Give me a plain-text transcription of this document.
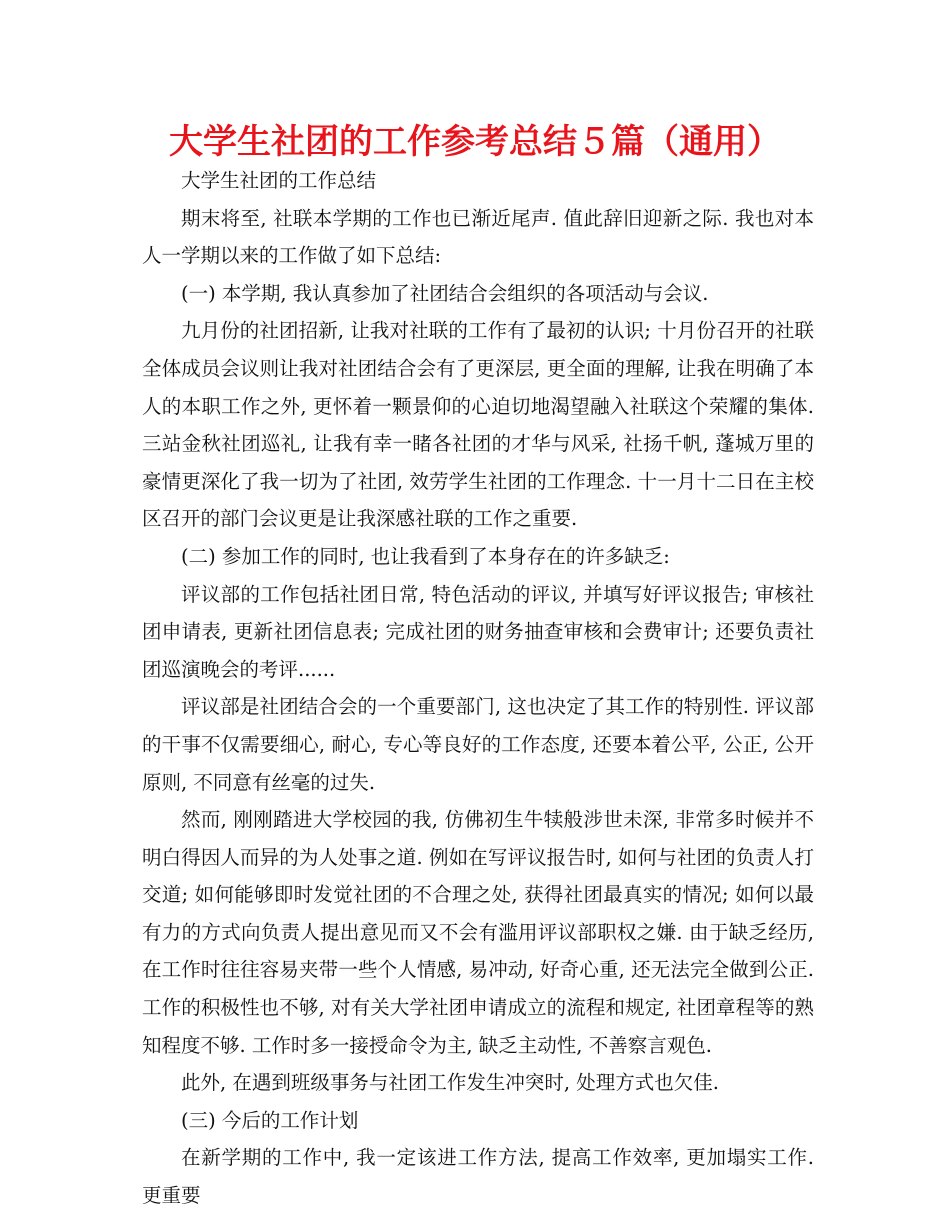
大学生社团的工作参考总结５篇（通用）

大学生社团的工作总结

期末将至, 社联本学期的工作也已渐近尾声. 值此辞旧迎新之际. 我也对本人一学期以来的工作做了如下总结:

(一) 本学期, 我认真参加了社团结合会组织的各项活动与会议.

九月份的社团招新, 让我对社联的工作有了最初的认识; 十月份召开的社联全体成员会议则让我对社团结合会有了更深层, 更全面的理解, 让我在明确了本人的本职工作之外, 更怀着一颗景仰的心迫切地渴望融入社联这个荣耀的集体. 三站金秋社团巡礼, 让我有幸一睹各社团的才华与风采, 社扬千帆, 蓬城万里的豪情更深化了我一切为了社团, 效劳学生社团的工作理念. 十一月十二日在主校区召开的部门会议更是让我深感社联的工作之重要.

(二) 参加工作的同时, 也让我看到了本身存在的许多缺乏:

评议部的工作包括社团日常, 特色活动的评议, 并填写好评议报告; 审核社团申请表, 更新社团信息表; 完成社团的财务抽查审核和会费审计; 还要负责社团巡演晚会的考评......

评议部是社团结合会的一个重要部门, 这也决定了其工作的特别性. 评议部的干事不仅需要细心, 耐心, 专心等良好的工作态度, 还要本着公平, 公正, 公开原则, 不同意有丝毫的过失.

然而, 刚刚踏进大学校园的我, 仿佛初生牛犊般涉世未深, 非常多时候并不明白得因人而异的为人处事之道. 例如在写评议报告时, 如何与社团的负责人打交道; 如何能够即时发觉社团的不合理之处, 获得社团最真实的情况; 如何以最有力的方式向负责人提出意见而又不会有滥用评议部职权之嫌. 由于缺乏经历, 在工作时往往容易夹带一些个人情感, 易冲动, 好奇心重, 还无法完全做到公正. 工作的积极性也不够, 对有关大学社团申请成立的流程和规定, 社团章程等的熟知程度不够. 工作时多一接授命令为主, 缺乏主动性, 不善察言观色.

此外, 在遇到班级事务与社团工作发生冲突时, 处理方式也欠佳.

(三) 今后的工作计划

在新学期的工作中, 我一定该进工作方法, 提高工作效率, 更加塌实工作. 更重要
